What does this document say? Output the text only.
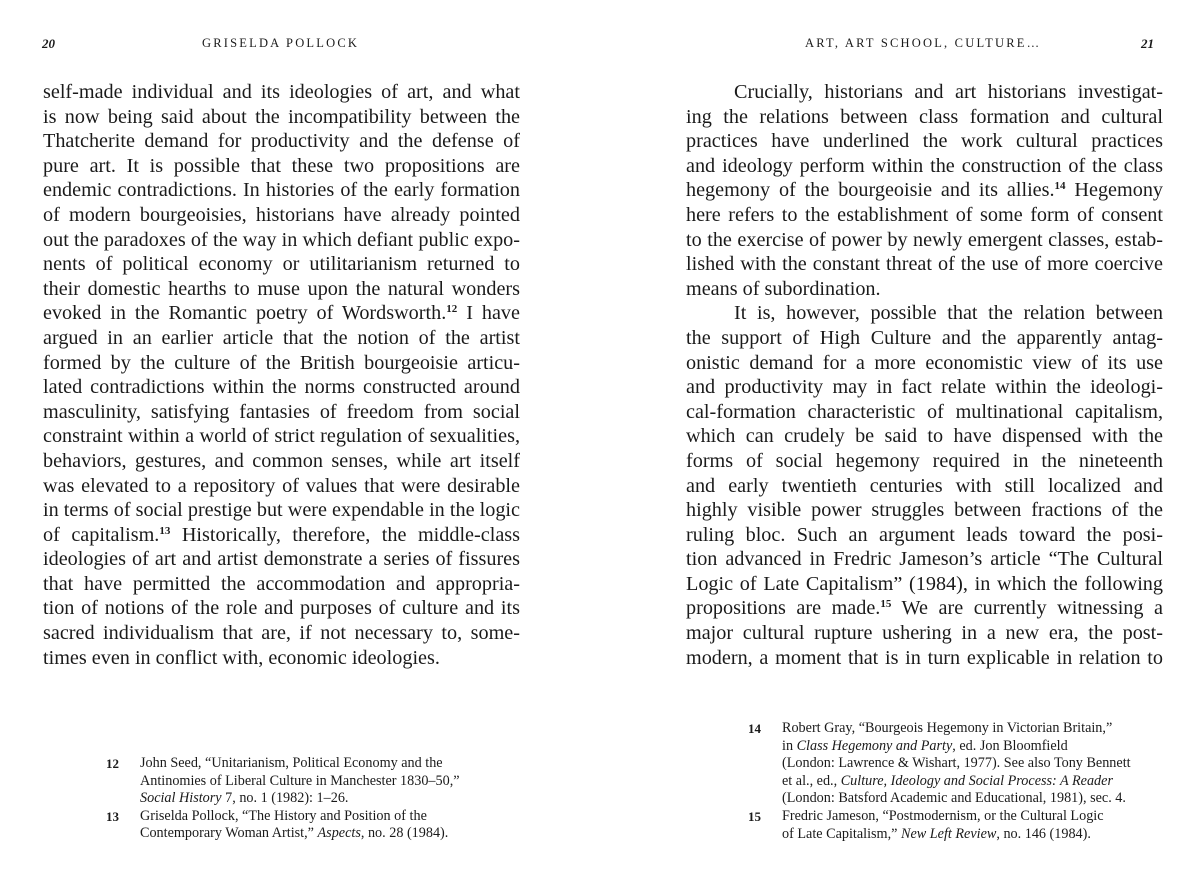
20	GRISELDA POLLOCK
self-made individual and its ideologies of art, and what
is now being said about the incompatibility between the
Thatcherite demand for productivity and the defense of
pure art. It is possible that these two propositions are
endemic contradictions. In histories of the early formation
of modern bourgeoisies, historians have already pointed
out the paradoxes of the way in which defiant public expo-
nents of political economy or utilitarianism returned to
their domestic hearths to muse upon the natural wonders
evoked in the Romantic poetry of Wordsworth.$^{12}$ I have
argued in an earlier article that the notion of the artist
formed by the culture of the British bourgeoisie articu-
lated contradictions within the norms constructed around
masculinity, satisfying fantasies of freedom from social
constraint within a world of strict regulation of sexualities,
behaviors, gestures, and common senses, while art itself
was elevated to a repository of values that were desirable
in terms of social prestige but were expendable in the logic
of capitalism.$^{13}$ Historically, therefore, the middle-class
ideologies of art and artist demonstrate a series of fissures
that have permitted the accommodation and appropria-
tion of notions of the role and purposes of culture and its
sacred individualism that are, if not necessary to, some-
times even in conflict with, economic ideologies.
12 John Seed, “Unitarianism, Political Economy and the
Antinomies of Liberal Culture in Manchester 1830–50,”
Social History 7, no. 1 (1982): 1–26.
13 Griselda Pollock, “The History and Position of the
Contemporary Woman Artist,” Aspects, no. 28 (1984).
ART, ART SCHOOL, CULTURE…	21
Crucially, historians and art historians investigat-
ing the relations between class formation and cultural
practices have underlined the work cultural practices
and ideology perform within the construction of the class
hegemony of the bourgeoisie and its allies.$^{14}$ Hegemony
here refers to the establishment of some form of consent
to the exercise of power by newly emergent classes, estab-
lished with the constant threat of the use of more coercive
means of subordination.
It is, however, possible that the relation between
the support of High Culture and the apparently antag-
onistic demand for a more economistic view of its use
and productivity may in fact relate within the ideologi-
cal-formation characteristic of multinational capitalism,
which can crudely be said to have dispensed with the
forms of social hegemony required in the nineteenth
and early twentieth centuries with still localized and
highly visible power struggles between fractions of the
ruling bloc. Such an argument leads toward the posi-
tion advanced in Fredric Jameson’s article “The Cultural
Logic of Late Capitalism” (1984), in which the following
propositions are made.$^{15}$ We are currently witnessing a
major cultural rupture ushering in a new era, the post-
modern, a moment that is in turn explicable in relation to
14 Robert Gray, “Bourgeois Hegemony in Victorian Britain,”
in Class Hegemony and Party, ed. Jon Bloomfield
(London: Lawrence & Wishart, 1977). See also Tony Bennett
et al., ed., Culture, Ideology and Social Process: A Reader
(London: Batsford Academic and Educational, 1981), sec. 4.
15 Fredric Jameson, “Postmodernism, or the Cultural Logic
of Late Capitalism,” New Left Review, no. 146 (1984).
